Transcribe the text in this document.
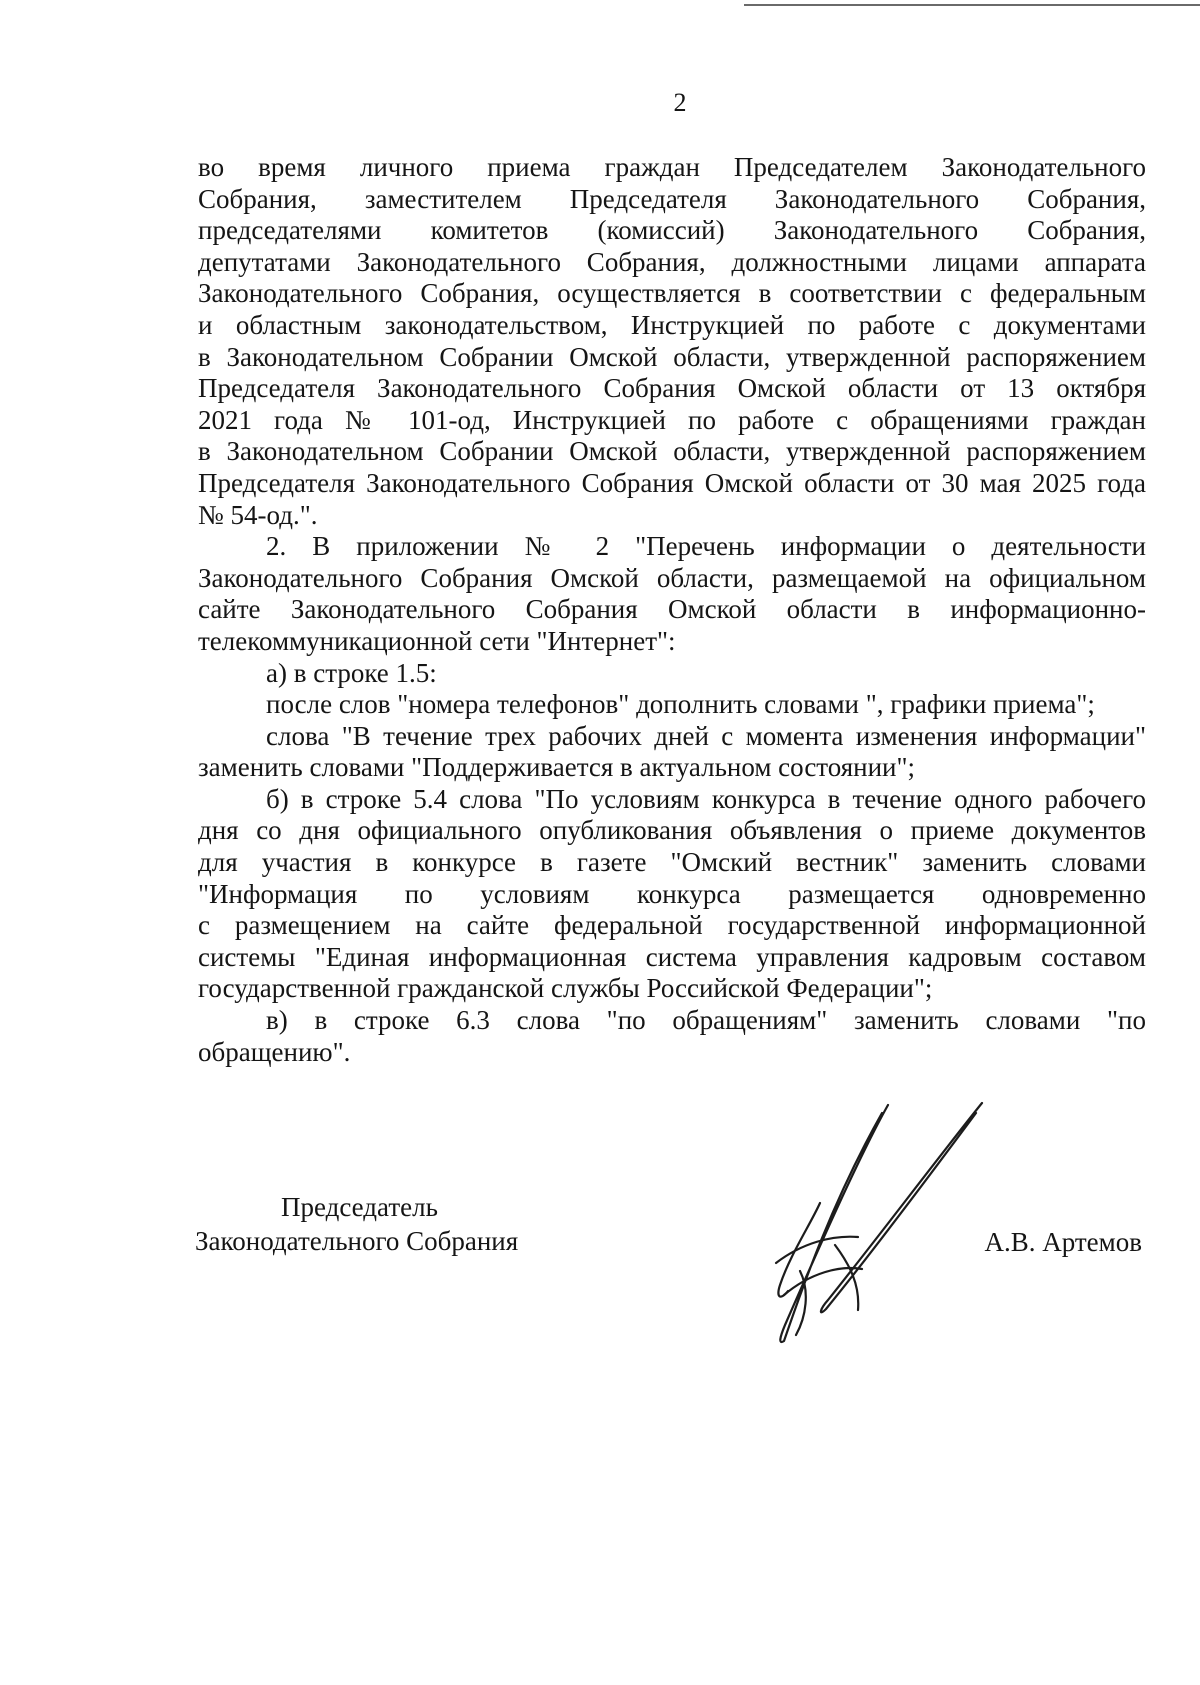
2
во время личного приема граждан Председателем Законодательного
Собрания, заместителем Председателя Законодательного Собрания,
председателями комитетов (комиссий) Законодательного Собрания,
депутатами Законодательного Собрания, должностными лицами аппарата
Законодательного Собрания, осуществляется в соответствии с федеральным
и областным законодательством, Инструкцией по работе с документами
в Законодательном Собрании Омской области, утвержденной распоряжением
Председателя Законодательного Собрания Омской области от 13 октября
2021 года № 101-од, Инструкцией по работе с обращениями граждан
в Законодательном Собрании Омской области, утвержденной распоряжением
Председателя Законодательного Собрания Омской области от 30 мая 2025 года
№ 54-од.".
2. В приложении № 2 "Перечень информации о деятельности
Законодательного Собрания Омской области, размещаемой на официальном
сайте Законодательного Собрания Омской области в информационно-
телекоммуникационной сети "Интернет":
а) в строке 1.5:
после слов "номера телефонов" дополнить словами ", графики приема";
слова "В течение трех рабочих дней с момента изменения информации"
заменить словами "Поддерживается в актуальном состоянии";
б) в строке 5.4 слова "По условиям конкурса в течение одного рабочего
дня со дня официального опубликования объявления о приеме документов
для участия в конкурсе в газете "Омский вестник" заменить словами
"Информация по условиям конкурса размещается одновременно
с размещением на сайте федеральной государственной информационной
системы "Единая информационная система управления кадровым составом
государственной гражданской службы Российской Федерации";
в) в строке 6.3 слова "по обращениям" заменить словами "по
обращению".
Председатель
Законодательного Собрания	А.В. Артемов
